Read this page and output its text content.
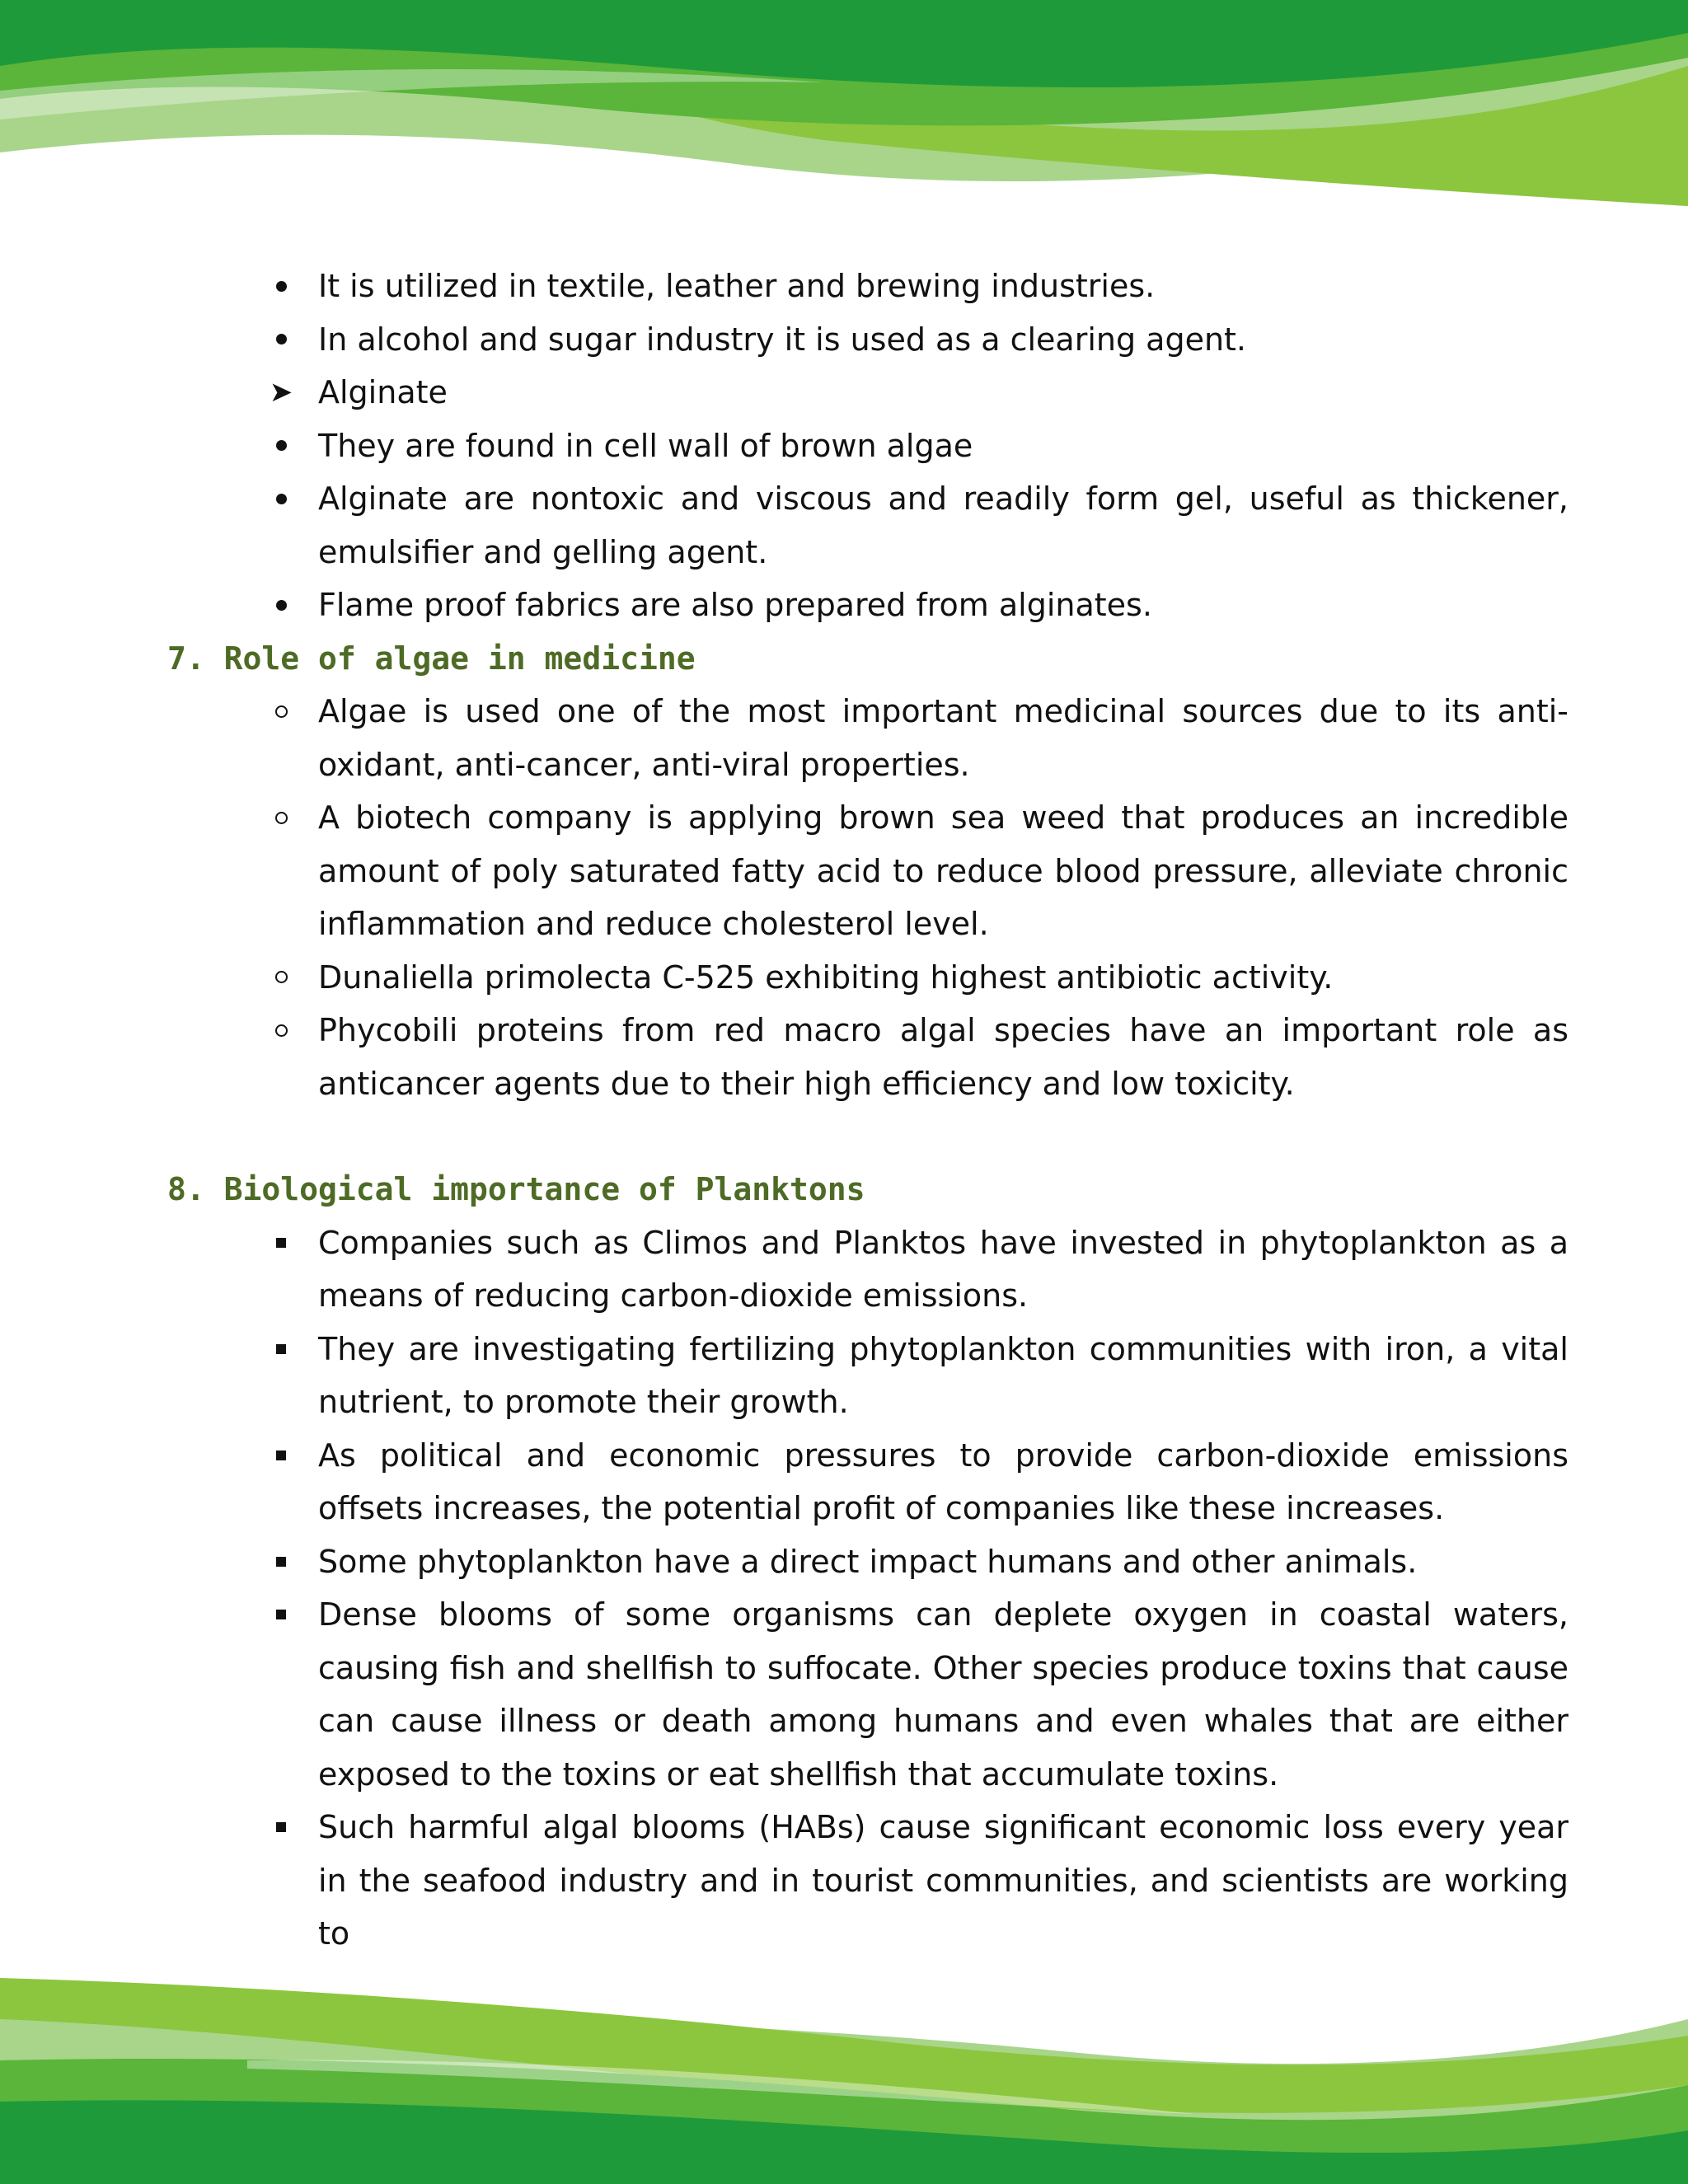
It is utilized in textile, leather and brewing industries.
In alcohol and sugar industry it is used as a clearing agent.
➤ Alginate
They are found in cell wall of brown algae
Alginate are nontoxic and viscous and readily form gel, useful as thickener, emulsifier and gelling agent.
Flame proof fabrics are also prepared from alginates.
7. Role of algae in medicine
Algae is used one of the most important medicinal sources due to its anti-oxidant, anti-cancer, anti-viral properties.
A biotech company is applying brown sea weed that produces an incredible amount of poly saturated fatty acid to reduce blood pressure, alleviate chronic inflammation and reduce cholesterol level.
Dunaliella primolecta C-525 exhibiting highest antibiotic activity.
Phycobili proteins from red macro algal species have an important role as anticancer agents due to their high efficiency and low toxicity.
8. Biological importance of Planktons
Companies such as Climos and Planktos have invested in phytoplankton as a means of reducing carbon-dioxide emissions.
They are investigating fertilizing phytoplankton communities with iron, a vital nutrient, to promote their growth.
As political and economic pressures to provide carbon-dioxide emissions offsets increases, the potential profit of companies like these increases.
Some phytoplankton have a direct impact humans and other animals.
Dense blooms of some organisms can deplete oxygen in coastal waters, causing fish and shellfish to suffocate. Other species produce toxins that cause can cause illness or death among humans and even whales that are either exposed to the toxins or eat shellfish that accumulate toxins.
Such harmful algal blooms (HABs) cause significant economic loss every year in the seafood industry and in tourist communities, and scientists are working to
